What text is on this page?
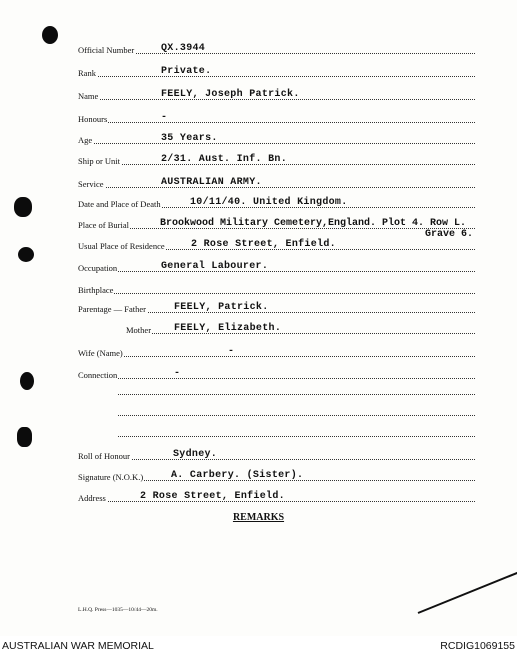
Official Number	QX.3944
Rank	Private.
Name	FEELY, Joseph Patrick.
Honours	-
Age	35 Years.
Ship or Unit	2/31. Aust. Inf. Bn.
Service	AUSTRALIAN ARMY.
Date and Place of Death	10/11/40. United Kingdom.
Place of Burial	Brookwood Military Cemetery,England. Plot 4. Row L.
Grave 6.
Usual Place of Residence	2 Rose Street, Enfield.
Occupation	General Labourer.
Birthplace
Parentage — Father	FEELY, Patrick.
Mother FEELY, Elizabeth.
Wife (Name)	-
Connection	-
Roll of Honour	Sydney.
Signature (N.O.K.)	A. Carbery. (Sister).
Address	2 Rose Street, Enfield.
REMARKS
L.H.Q. Press—1035—10/44—20m.
AUSTRALIAN WAR MEMORIAL	RCDIG1069155
